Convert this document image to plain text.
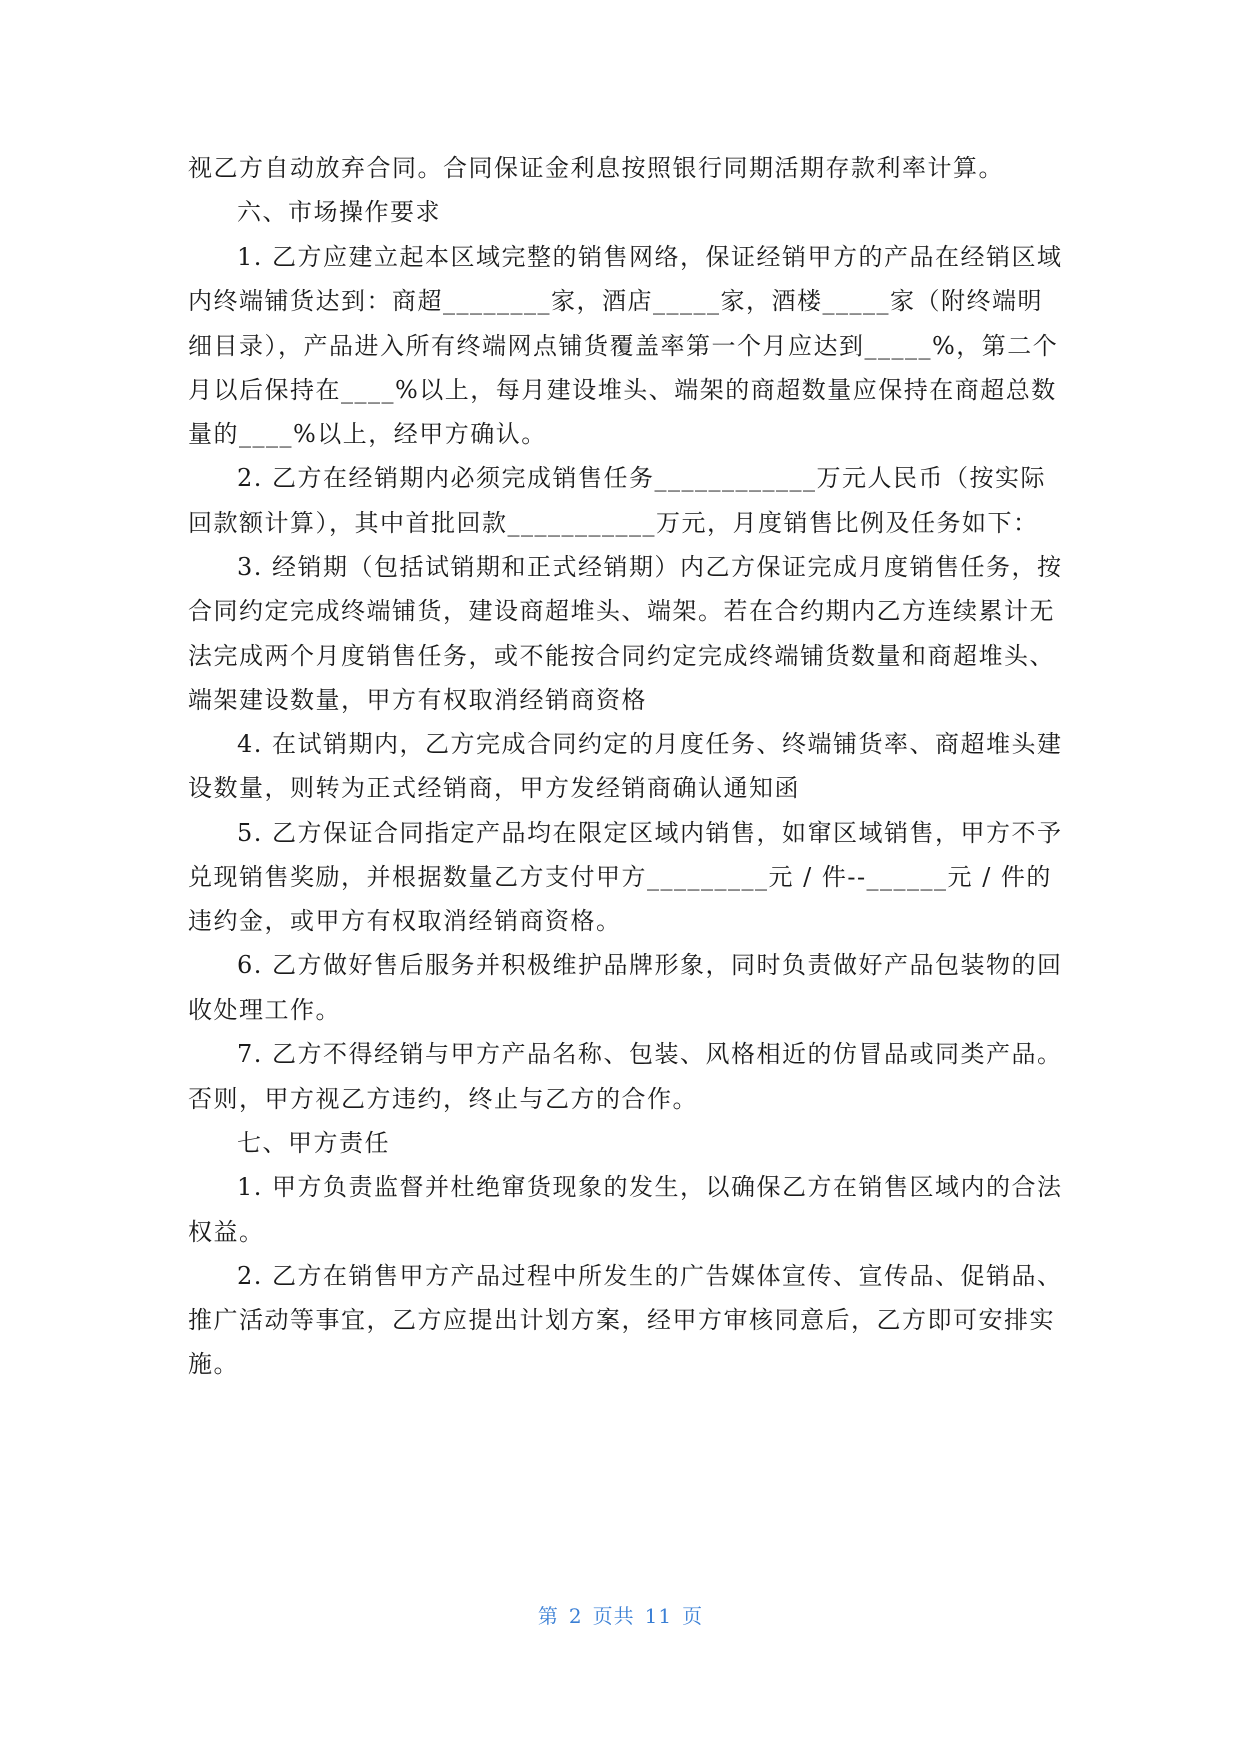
视乙方自动放弃合同。合同保证金利息按照银行同期活期存款利率计算。
六、市场操作要求
1. 乙方应建立起本区域完整的销售网络，保证经销甲方的产品在经销区域
内终端铺货达到：商超________家，酒店_____家，酒楼_____家（附终端明
细目录），产品进入所有终端网点铺货覆盖率第一个月应达到_____%，第二个
月以后保持在____%以上，每月建设堆头、端架的商超数量应保持在商超总数
量的____%以上，经甲方确认。
2. 乙方在经销期内必须完成销售任务____________万元人民币（按实际
回款额计算），其中首批回款___________万元，月度销售比例及任务如下：
3. 经销期（包括试销期和正式经销期）内乙方保证完成月度销售任务，按
合同约定完成终端铺货，建设商超堆头、端架。若在合约期内乙方连续累计无
法完成两个月度销售任务，或不能按合同约定完成终端铺货数量和商超堆头、
端架建设数量，甲方有权取消经销商资格
4. 在试销期内，乙方完成合同约定的月度任务、终端铺货率、商超堆头建
设数量，则转为正式经销商，甲方发经销商确认通知函
5. 乙方保证合同指定产品均在限定区域内销售，如窜区域销售，甲方不予
兑现销售奖励，并根据数量乙方支付甲方_________元 / 件--______元 / 件的
违约金，或甲方有权取消经销商资格。
6. 乙方做好售后服务并积极维护品牌形象，同时负责做好产品包装物的回
收处理工作。
7. 乙方不得经销与甲方产品名称、包装、风格相近的仿冒品或同类产品。
否则，甲方视乙方违约，终止与乙方的合作。
七、甲方责任
1. 甲方负责监督并杜绝窜货现象的发生，以确保乙方在销售区域内的合法
权益。
2. 乙方在销售甲方产品过程中所发生的广告媒体宣传、宣传品、促销品、
推广活动等事宜，乙方应提出计划方案，经甲方审核同意后，乙方即可安排实
施。
第 2 页共 11 页
